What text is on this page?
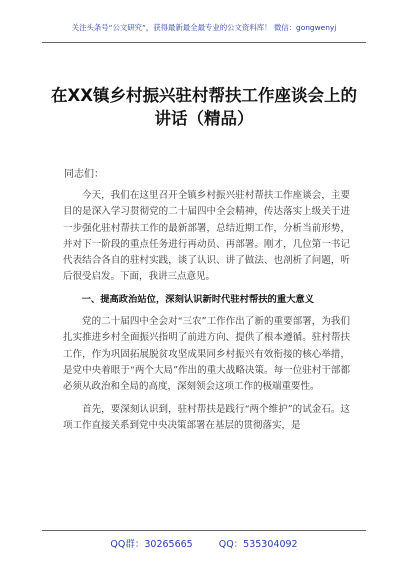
关注头条号“公文研究”，获得最新最全最专业的公文资料库！ 微信：gongwenyj
在XX镇乡村振兴驻村帮扶工作座谈会上的讲话（精品）
同志们：

今天，我们在这里召开全镇乡村振兴驻村帮扶工作座谈会，主要目的是深入学习贯彻党的二十届四中全会精神，传达落实上级关于进一步强化驻村帮扶工作的最新部署，总结近期工作，分析当前形势，并对下一阶段的重点任务进行再动员、再部署。刚才，几位第一书记代表结合各自的驻村实践，谈了认识、讲了做法、也剖析了问题，听后很受启发。下面，我讲三点意见。

一、提高政治站位，深刻认识新时代驻村帮扶的重大意义

党的二十届四中全会对“三农”工作作出了新的重要部署，为我们扎实推进乡村全面振兴指明了前进方向、提供了根本遵循。驻村帮扶工作，作为巩固拓展脱贫攻坚成果同乡村振兴有效衔接的核心举措，是党中央着眼于“两个大局”作出的重大战略决策。每一位驻村干部都必须从政治和全局的高度，深刻领会这项工作的极端重要性。

首先，要深刻认识到，驻村帮扶是践行“两个维护”的试金石。这项工作直接关系到党中央决策部署在基层的贯彻落实，是

QQ群：30265665	QQ：535304092
